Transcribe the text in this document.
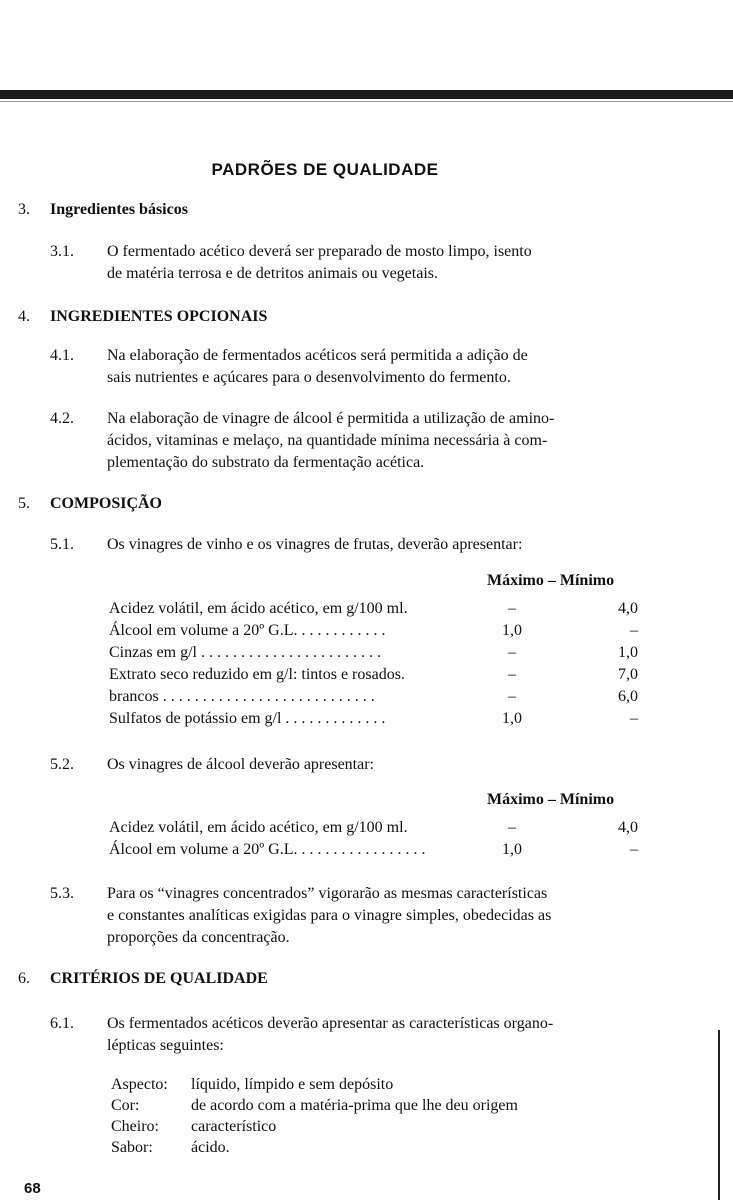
PADRÕES DE QUALIDADE
3. Ingredientes básicos
3.1. O fermentado acético deverá ser preparado de mosto limpo, isento
de matéria terrosa e de detritos animais ou vegetais.
4. INGREDIENTES OPCIONAIS
4.1. Na elaboração de fermentados acéticos será permitida a adição de
sais nutrientes e açúcares para o desenvolvimento do fermento.
4.2. Na elaboração de vinagre de álcool é permitida a utilização de amino-
ácidos, vitaminas e melaço, na quantidade mínima necessária à com-
plementação do substrato da fermentação acética.
5. COMPOSIÇÃO
5.1. Os vinagres de vinho e os vinagres de frutas, deverão apresentar:
Máximo – Mínimo
Acidez volátil, em ácido acético, em g/100 ml.	–	4,0
Álcool em volume a 20º G.L. . . . . . . . . . . .	1,0	–
Cinzas em g/l . . . . . . . . . . . . . . . . . . . . . . .	–	1,0
Extrato seco reduzido em g/l: tintos e rosados.	–	7,0
brancos . . . . . . . . . . . . . . . . . . . . . . . . . . .	–	6,0
Sulfatos de potássio em g/l . . . . . . . . . . . . .	1,0	–
5.2. Os vinagres de álcool deverão apresentar:
Máximo – Mínimo
Acidez volátil, em ácido acético, em g/100 ml.	–	4,0
Álcool em volume a 20º G.L. . . . . . . . . . . . . . . . .	1,0	–
5.3. Para os “vinagres concentrados” vigorarão as mesmas características
e constantes analíticas exigidas para o vinagre simples, obedecidas as
proporções da concentração.
6. CRITÉRIOS DE QUALIDADE
6.1. Os fermentados acéticos deverão apresentar as características organo-
lépticas seguintes:
Aspecto: líquido, límpido e sem depósito
Cor:	de acordo com a matéria-prima que lhe deu origem
Cheiro: característico
Sabor: ácido.
68
